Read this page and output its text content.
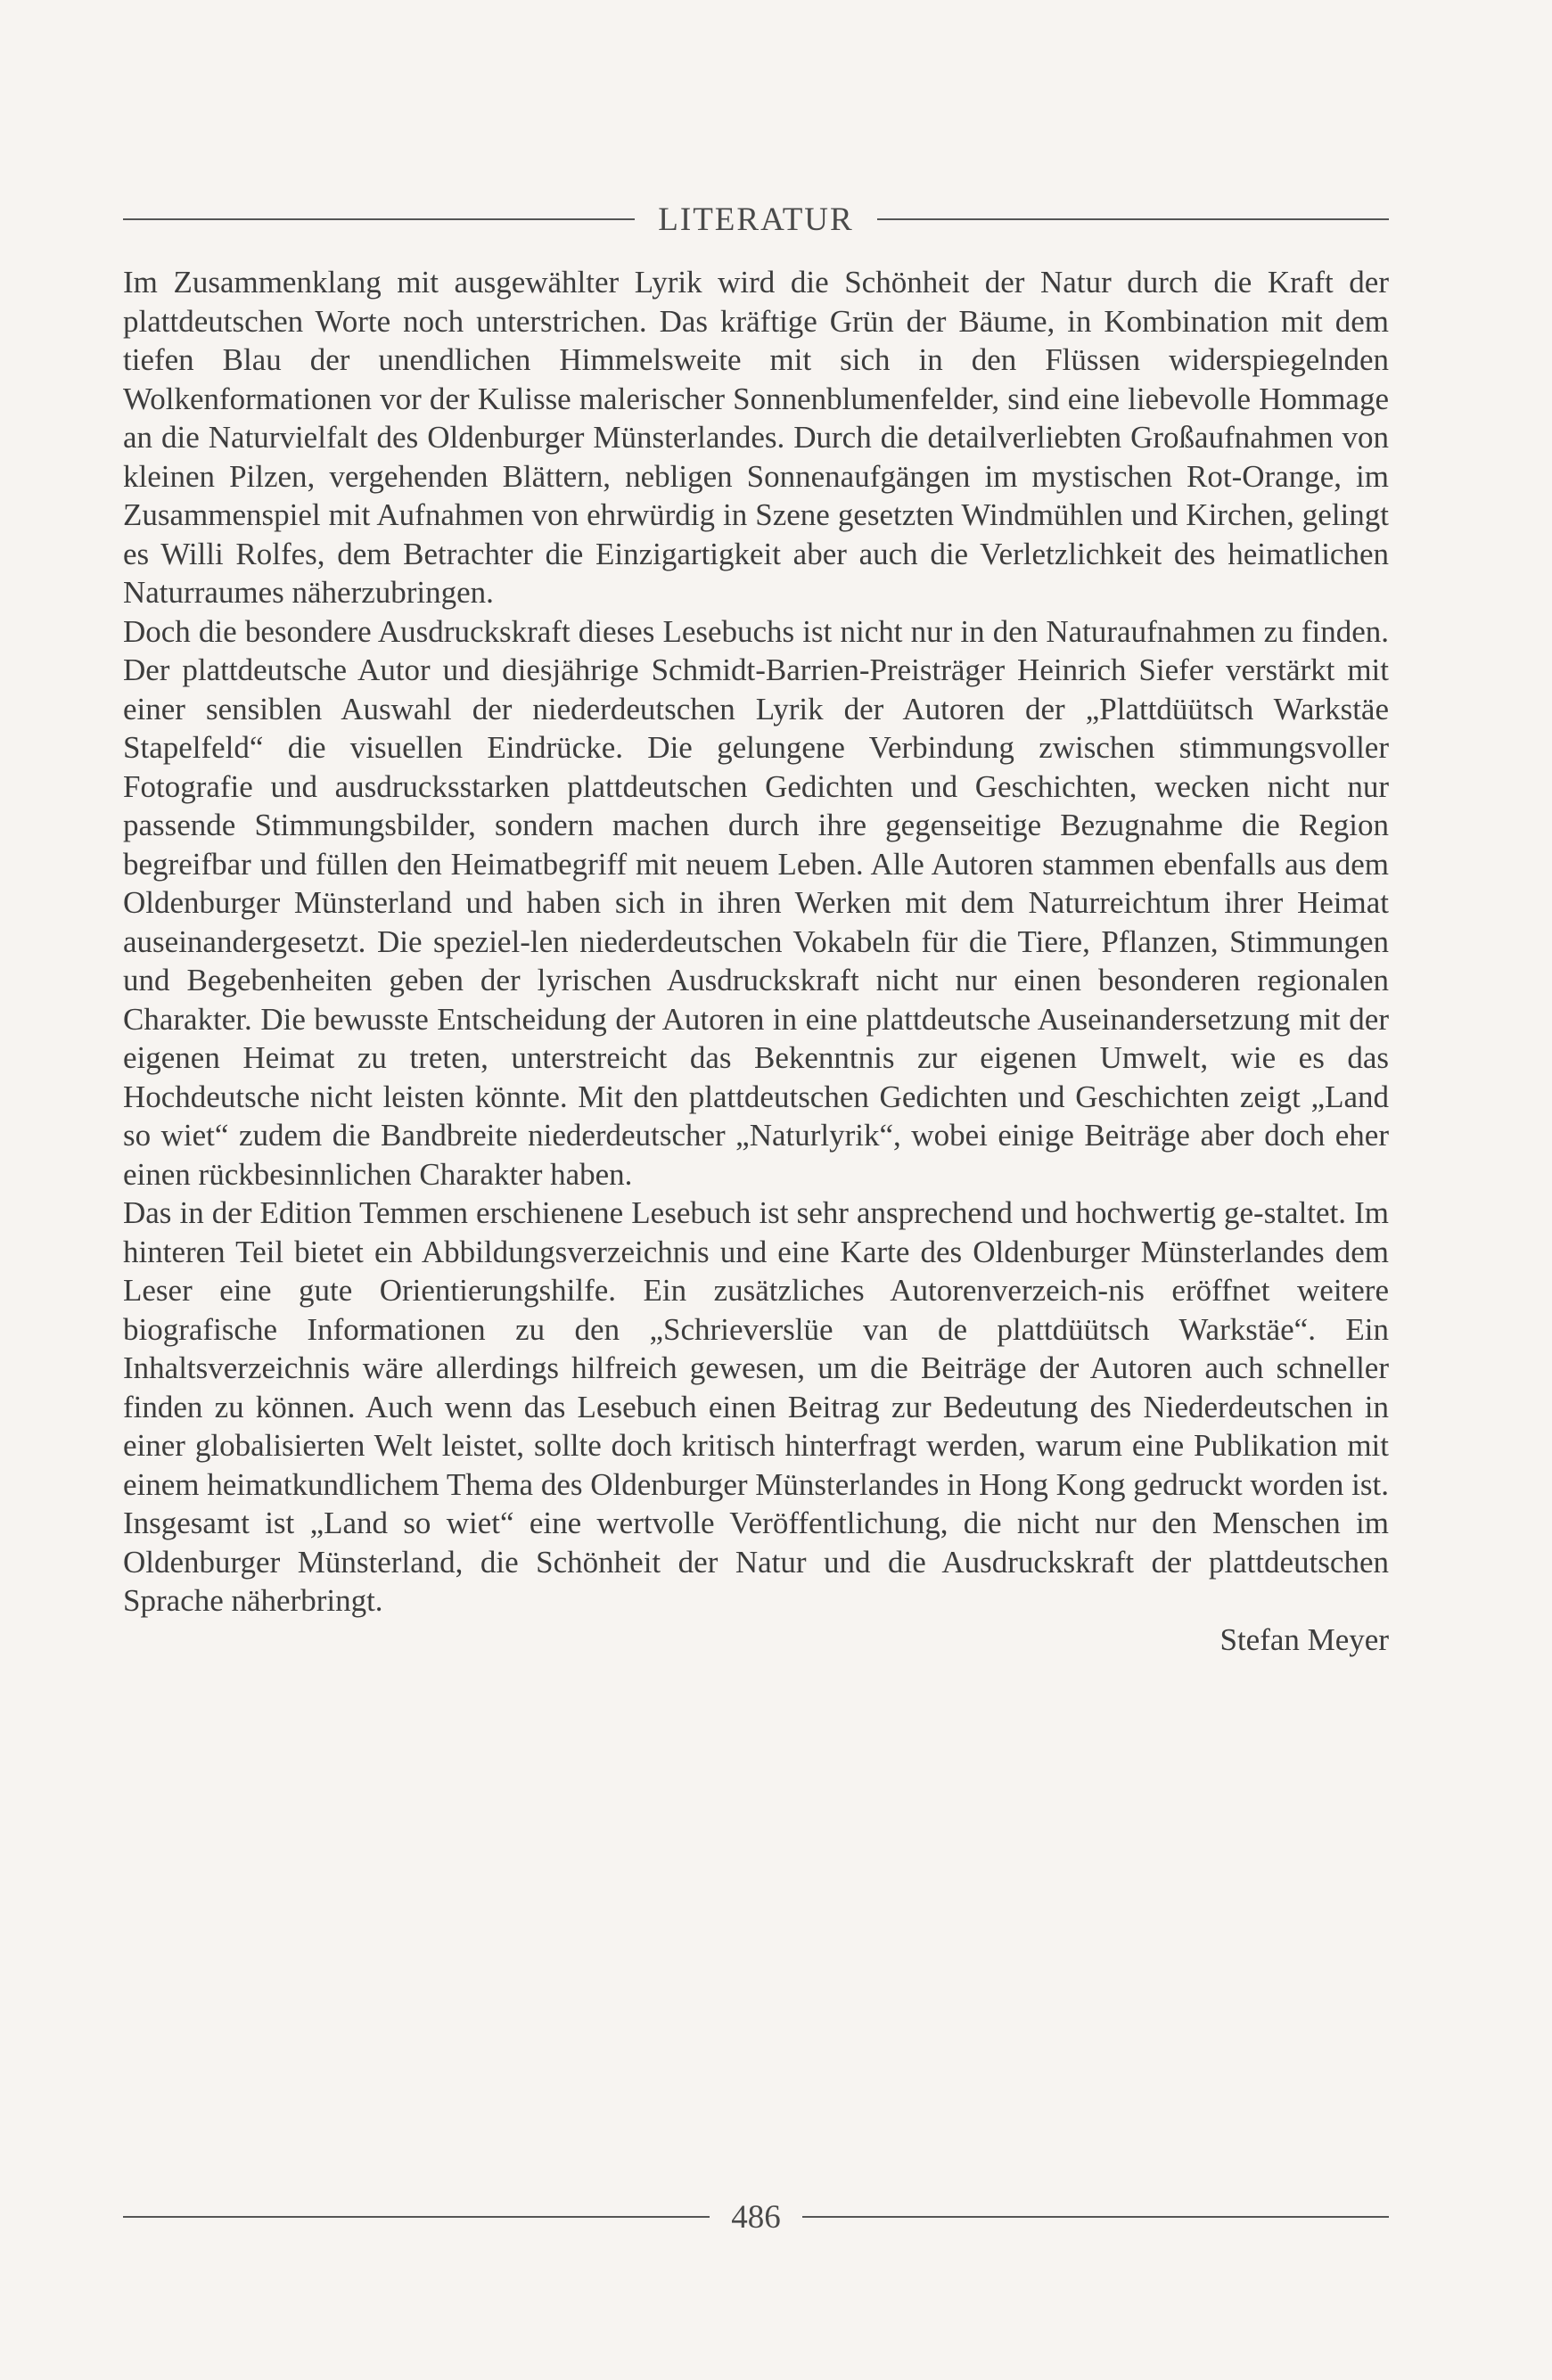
LITERATUR

Im Zusammenklang mit ausgewählter Lyrik wird die Schönheit der Natur durch die Kraft der plattdeutschen Worte noch unterstrichen. Das kräftige Grün der Bäume, in Kombination mit dem tiefen Blau der unendlichen Himmelsweite mit sich in den Flüssen widerspiegelnden Wolkenformationen vor der Kulisse malerischer Sonnenblumenfelder, sind eine liebevolle Hommage an die Naturvielfalt des Oldenburger Münsterlandes. Durch die detailverliebten Großaufnahmen von kleinen Pilzen, vergehenden Blättern, nebligen Sonnenaufgängen im mystischen Rot-Orange, im Zusammenspiel mit Aufnahmen von ehrwürdig in Szene gesetzten Windmühlen und Kirchen, gelingt es Willi Rolfes, dem Betrachter die Einzigartigkeit aber auch die Verletzlichkeit des heimatlichen Naturraumes näherzubringen.

Doch die besondere Ausdruckskraft dieses Lesebuchs ist nicht nur in den Naturaufnahmen zu finden. Der plattdeutsche Autor und diesjährige Schmidt-Barrien-Preisträger Heinrich Siefer verstärkt mit einer sensiblen Auswahl der niederdeutschen Lyrik der Autoren der „Plattdüütsch Warkstäe Stapelfeld“ die visuellen Eindrücke. Die gelungene Verbindung zwischen stimmungsvoller Fotografie und ausdrucksstarken plattdeutschen Gedichten und Geschichten, wecken nicht nur passende Stimmungsbilder, sondern machen durch ihre gegenseitige Bezugnahme die Region begreifbar und füllen den Heimatbegriff mit neuem Leben. Alle Autoren stammen ebenfalls aus dem Oldenburger Münsterland und haben sich in ihren Werken mit dem Naturreichtum ihrer Heimat auseinandergesetzt. Die speziel-len niederdeutschen Vokabeln für die Tiere, Pflanzen, Stimmungen und Begebenheiten geben der lyrischen Ausdruckskraft nicht nur einen besonderen regionalen Charakter. Die bewusste Entscheidung der Autoren in eine plattdeutsche Auseinandersetzung mit der eigenen Heimat zu treten, unterstreicht das Bekenntnis zur eigenen Umwelt, wie es das Hochdeutsche nicht leisten könnte. Mit den plattdeutschen Gedichten und Geschichten zeigt „Land so wiet“ zudem die Bandbreite niederdeutscher „Naturlyrik“, wobei einige Beiträge aber doch eher einen rückbesinnlichen Charakter haben.

Das in der Edition Temmen erschienene Lesebuch ist sehr ansprechend und hochwertig ge-staltet. Im hinteren Teil bietet ein Abbildungsverzeichnis und eine Karte des Oldenburger Münsterlandes dem Leser eine gute Orientierungshilfe. Ein zusätzliches Autorenverzeich-nis eröffnet weitere biografische Informationen zu den „Schrieverslüe van de plattdüütsch Warkstäe“. Ein Inhaltsverzeichnis wäre allerdings hilfreich gewesen, um die Beiträge der Autoren auch schneller finden zu können. Auch wenn das Lesebuch einen Beitrag zur Bedeutung des Niederdeutschen in einer globalisierten Welt leistet, sollte doch kritisch hinterfragt werden, warum eine Publikation mit einem heimatkundlichem Thema des Oldenburger Münsterlandes in Hong Kong gedruckt worden ist. Insgesamt ist „Land so wiet“ eine wertvolle Veröffentlichung, die nicht nur den Menschen im Oldenburger Münsterland, die Schönheit der Natur und die Ausdruckskraft der plattdeutschen Sprache näherbringt.

Stefan Meyer
486
